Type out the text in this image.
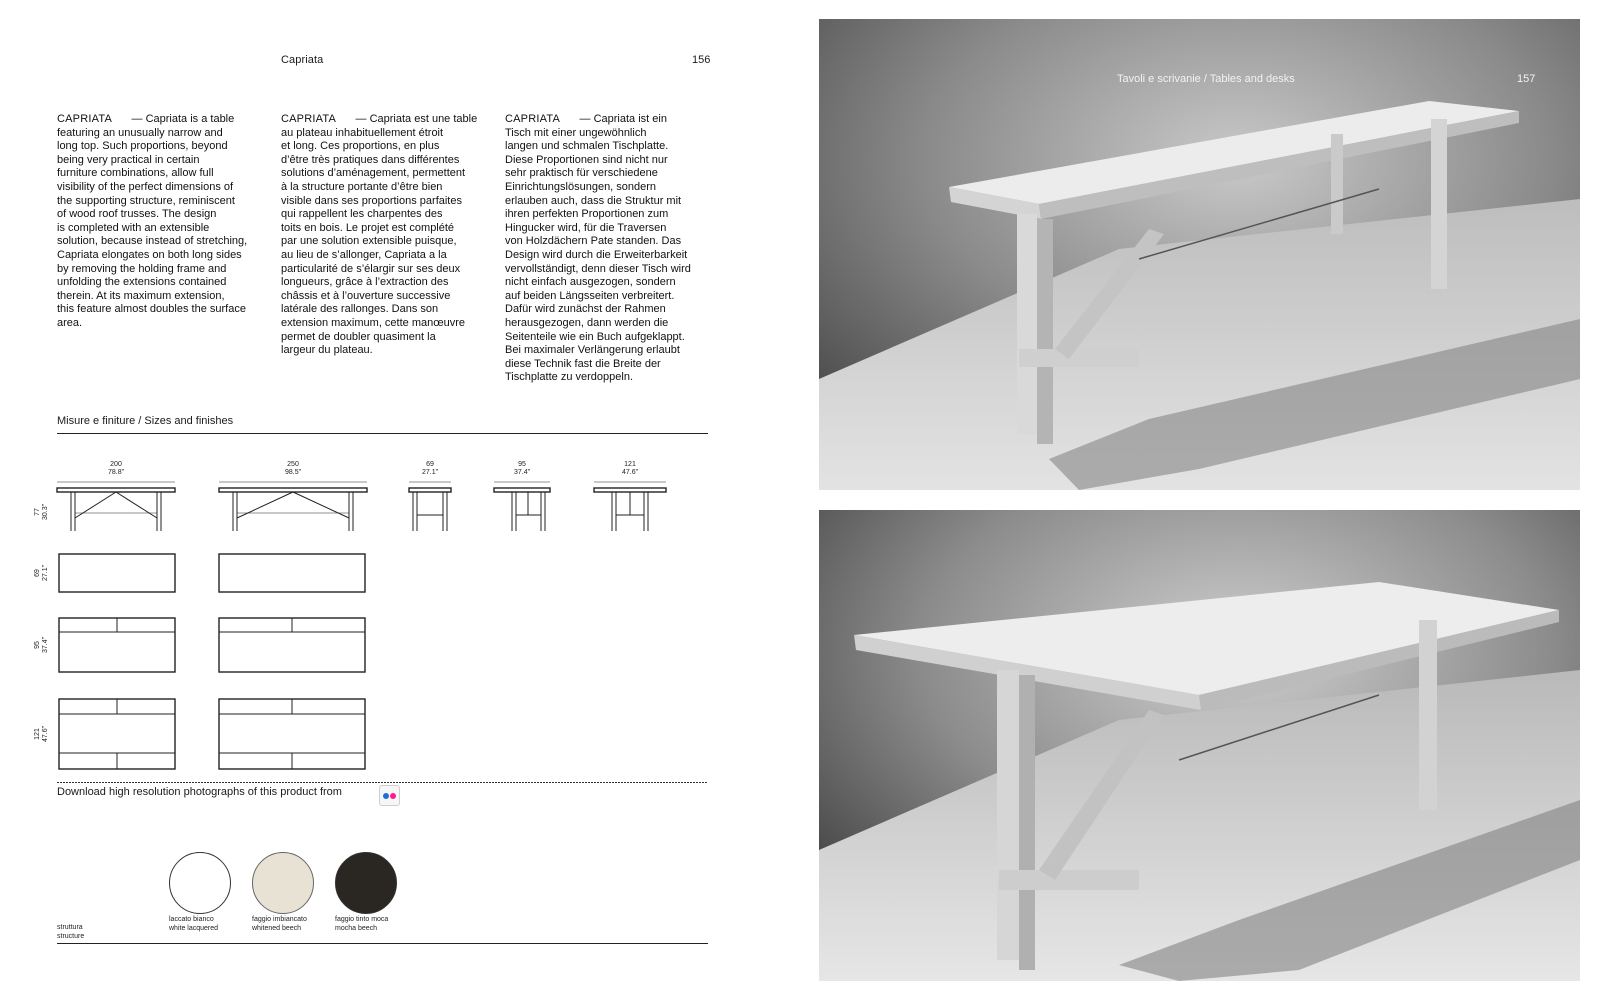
Capriata	156
CAPRIATA — Capriata is a table
featuring an unusually narrow and
long top. Such proportions, beyond
being very practical in certain
furniture combinations, allow full
visibility of the perfect dimensions of
the supporting structure, reminiscent
of wood roof trusses. The design
is completed with an extensible
solution, because instead of stretching,
Capriata elongates on both long sides
by removing the holding frame and
unfolding the extensions contained
therein. At its maximum extension,
this feature almost doubles the surface
area.
CAPRIATA — Capriata est une table
au plateau inhabituellement étroit
et long. Ces proportions, en plus
d’être très pratiques dans différentes
solutions d’aménagement, permettent
à la structure portante d’être bien
visible dans ses proportions parfaites
qui rappellent les charpentes des
toits en bois. Le projet est complété
par une solution extensible puisque,
au lieu de s’allonger, Capriata a la
particularité de s’élargir sur ses deux
longueurs, grâce à l’extraction des
châssis et à l’ouverture successive
latérale des rallonges. Dans son
extension maximum, cette manœuvre
permet de doubler quasiment la
largeur du plateau.
CAPRIATA — Capriata ist ein
Tisch mit einer ungewöhnlich
langen und schmalen Tischplatte.
Diese Proportionen sind nicht nur
sehr praktisch für verschiedene
Einrichtungslösungen, sondern
erlauben auch, dass die Struktur mit
ihren perfekten Proportionen zum
Hingucker wird, für die Traversen
von Holzdächern Pate standen. Das
Design wird durch die Erweiterbarkeit
vervollständigt, denn dieser Tisch wird
nicht einfach ausgezogen, sondern
auf beiden Längsseiten verbreitert.
Dafür wird zunächst der Rahmen
herausgezogen, dann werden die
Seitenteile wie ein Buch aufgeklappt.
Bei maximaler Verlängerung erlaubt
diese Technik fast die Breite der
Tischplatte zu verdoppeln.
Misure e finiture / Sizes and finishes
200
78.8”
250
98.5”
69
27.1”
95
37.4”
121
47.6”
77 30.3”
69 27.1”
95 37.4”
121 47.6”
Download high resolution photographs of this product from
struttura
structure
laccato bianco
white lacquered
faggio imbiancato
whitened beech
faggio tinto moca
mocha beech
Tavoli e scrivanie / Tables and desks	157
